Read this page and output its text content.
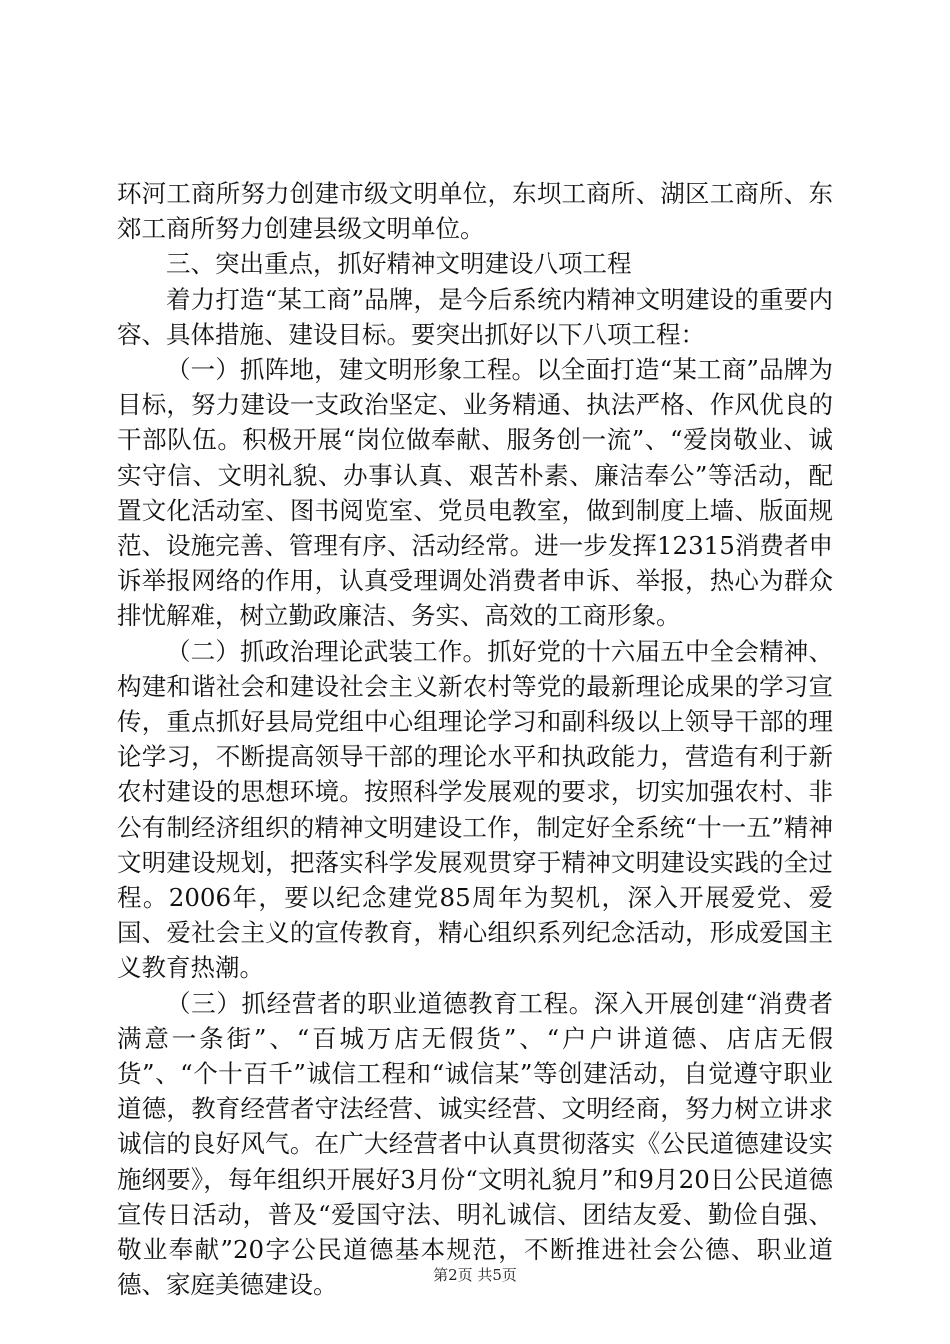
环河工商所努力创建市级文明单位，东坝工商所、湖区工商所、东郊工商所努力创建县级文明单位。

三、突出重点，抓好精神文明建设八项工程

着力打造“某工商”品牌，是今后系统内精神文明建设的重要内容、具体措施、建设目标。要突出抓好以下八项工程：

（一）抓阵地，建文明形象工程。以全面打造“某工商”品牌为目标，努力建设一支政治坚定、业务精通、执法严格、作风优良的干部队伍。积极开展“岗位做奉献、服务创一流”、“爱岗敬业、诚实守信、文明礼貌、办事认真、艰苦朴素、廉洁奉公”等活动，配置文化活动室、图书阅览室、党员电教室，做到制度上墙、版面规范、设施完善、管理有序、活动经常。进一步发挥12315消费者申诉举报网络的作用，认真受理调处消费者申诉、举报，热心为群众排忧解难，树立勤政廉洁、务实、高效的工商形象。

（二）抓政治理论武装工作。抓好党的十六届五中全会精神、构建和谐社会和建设社会主义新农村等党的最新理论成果的学习宣传，重点抓好县局党组中心组理论学习和副科级以上领导干部的理论学习，不断提高领导干部的理论水平和执政能力，营造有利于新农村建设的思想环境。按照科学发展观的要求，切实加强农村、非公有制经济组织的精神文明建设工作，制定好全系统“十一五”精神文明建设规划，把落实科学发展观贯穿于精神文明建设实践的全过程。2006年，要以纪念建党85周年为契机，深入开展爱党、爱国、爱社会主义的宣传教育，精心组织系列纪念活动，形成爱国主义教育热潮。

（三）抓经营者的职业道德教育工程。深入开展创建“消费者满意一条街”、“百城万店无假货”、“户户讲道德、店店无假货”、“个十百千”诚信工程和“诚信某”等创建活动，自觉遵守职业道德，教育经营者守法经营、诚实经营、文明经商，努力树立讲求诚信的良好风气。在广大经营者中认真贯彻落实《公民道德建设实施纲要》，每年组织开展好3月份“文明礼貌月”和9月20日公民道德宣传日活动，普及“爱国守法、明礼诚信、团结友爱、勤俭自强、敬业奉献”20字公民道德基本规范，不断推进社会公德、职业道德、家庭美德建设。	第2页 共5页
